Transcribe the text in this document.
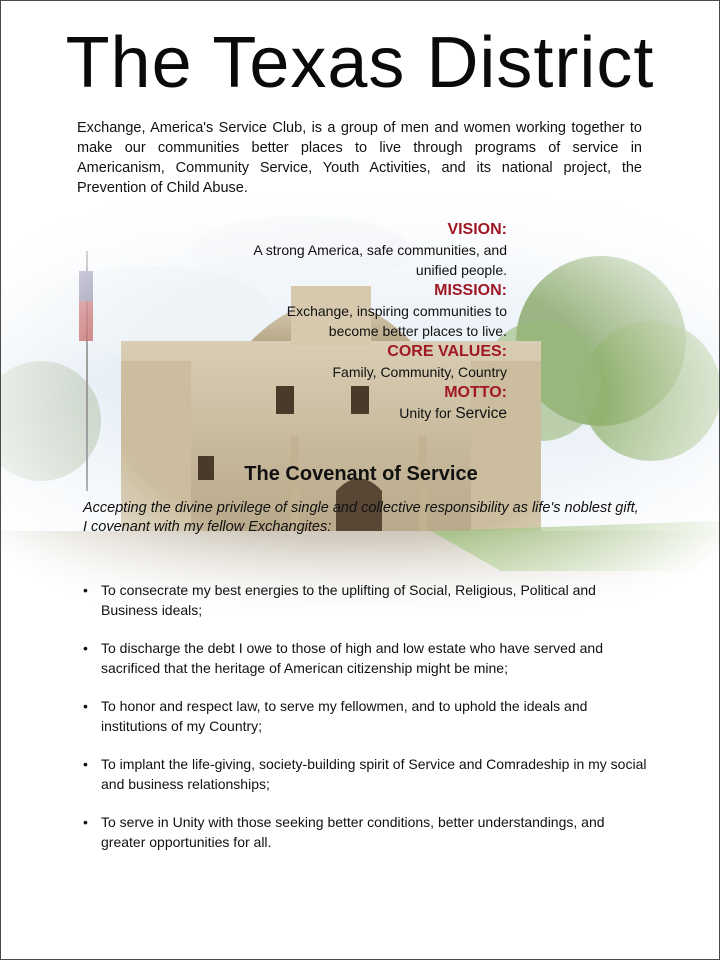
The Texas District
Exchange, America's Service Club, is a group of men and women working together to make our communities better places to live through programs of service in Americanism, Community Service, Youth Activities, and its national project, the Prevention of Child Abuse.
VISION:
A strong America, safe communities, and
unified people.
MISSION:
Exchange, inspiring communities to
become better places to live.
CORE VALUES:
Family, Community, Country
MOTTO:
Unity for Service
The Covenant of Service
Accepting the divine privilege of single and collective responsibility as life's noblest gift, I covenant with my fellow Exchangites:
• To consecrate my best energies to the uplifting of Social, Religious, Political and Business ideals;
• To discharge the debt I owe to those of high and low estate who have served and sacrificed that the heritage of American citizenship might be mine;
• To honor and respect law, to serve my fellowmen, and to uphold the ideals and institutions of my Country;
• To implant the life-giving, society-building spirit of Service and Comradeship in my social and business relationships;
• To serve in Unity with those seeking better conditions, better understandings, and greater opportunities for all.
